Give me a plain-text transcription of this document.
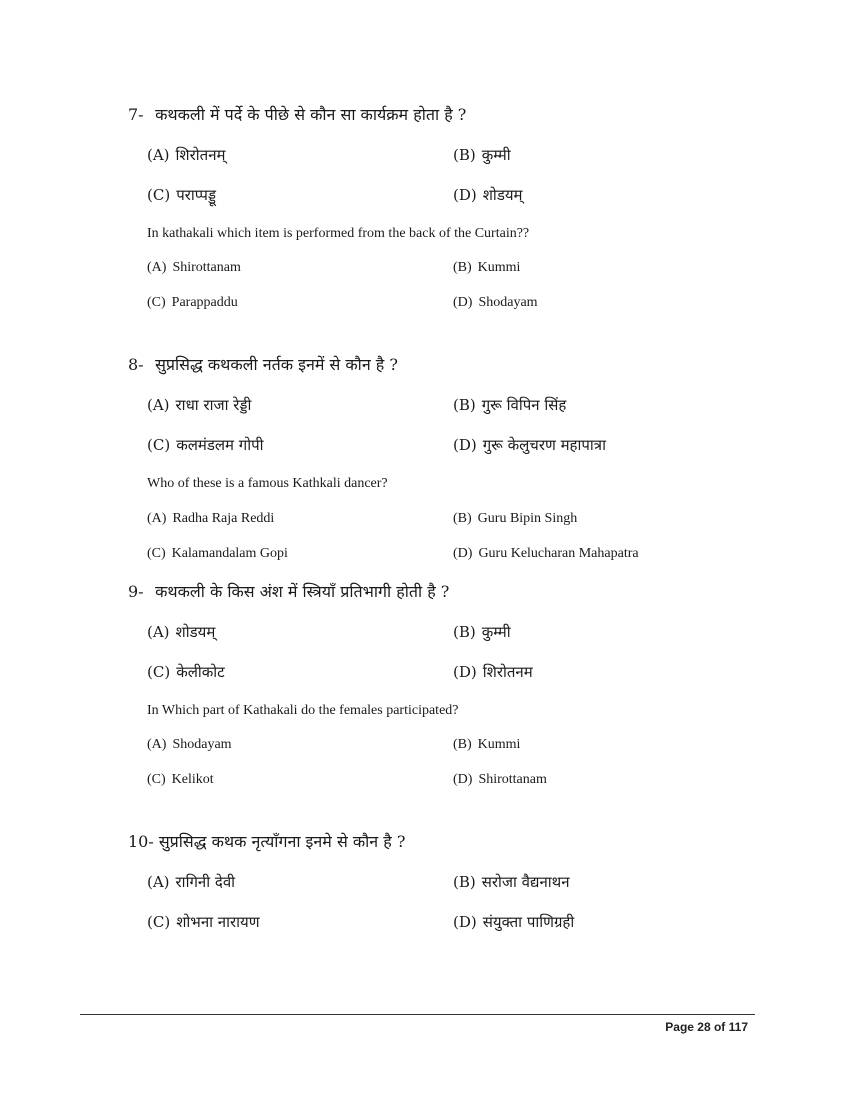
7- कथकली में पर्दे के पीछे से कौन सा कार्यक्रम होता है ?
(A) शिरोतनम्	(B) कुम्मी
(C) पराप्पड्डू	(D) शोडयम्
In kathakali which item is performed from the back of the Curtain??
(A) Shirottanam	(B) Kummi
(C) Parappaddu	(D) Shodayam
8- सुप्रसिद्ध कथकली नर्तक इनमें से कौन है ?
(A) राधा राजा रेड्डी	(B) गुरू विपिन सिंह
(C) कलमंडलम गोपी	(D) गुरू केलुचरण महापात्रा
Who of these is a famous Kathkali dancer?
(A) Radha Raja Reddi	(B) Guru Bipin Singh
(C) Kalamandalam Gopi	(D) Guru Kelucharan Mahapatra
9- कथकली के किस अंश में स्त्रियाँ प्रतिभागी होती है ?
(A) शोडयम्	(B) कुम्मी
(C) केलीकोट	(D) शिरोतनम
In Which part of Kathakali do the females participated?
(A) Shodayam	(B) Kummi
(C) Kelikot	(D) Shirottanam
10- सुप्रसिद्ध कथक नृत्याँगना इनमे से कौन है ?
(A) रागिनी देवी	(B) सरोजा वैद्यनाथन
(C) शोभना नारायण	(D) संयुक्ता पाणिग्रही
Page 28 of 117
